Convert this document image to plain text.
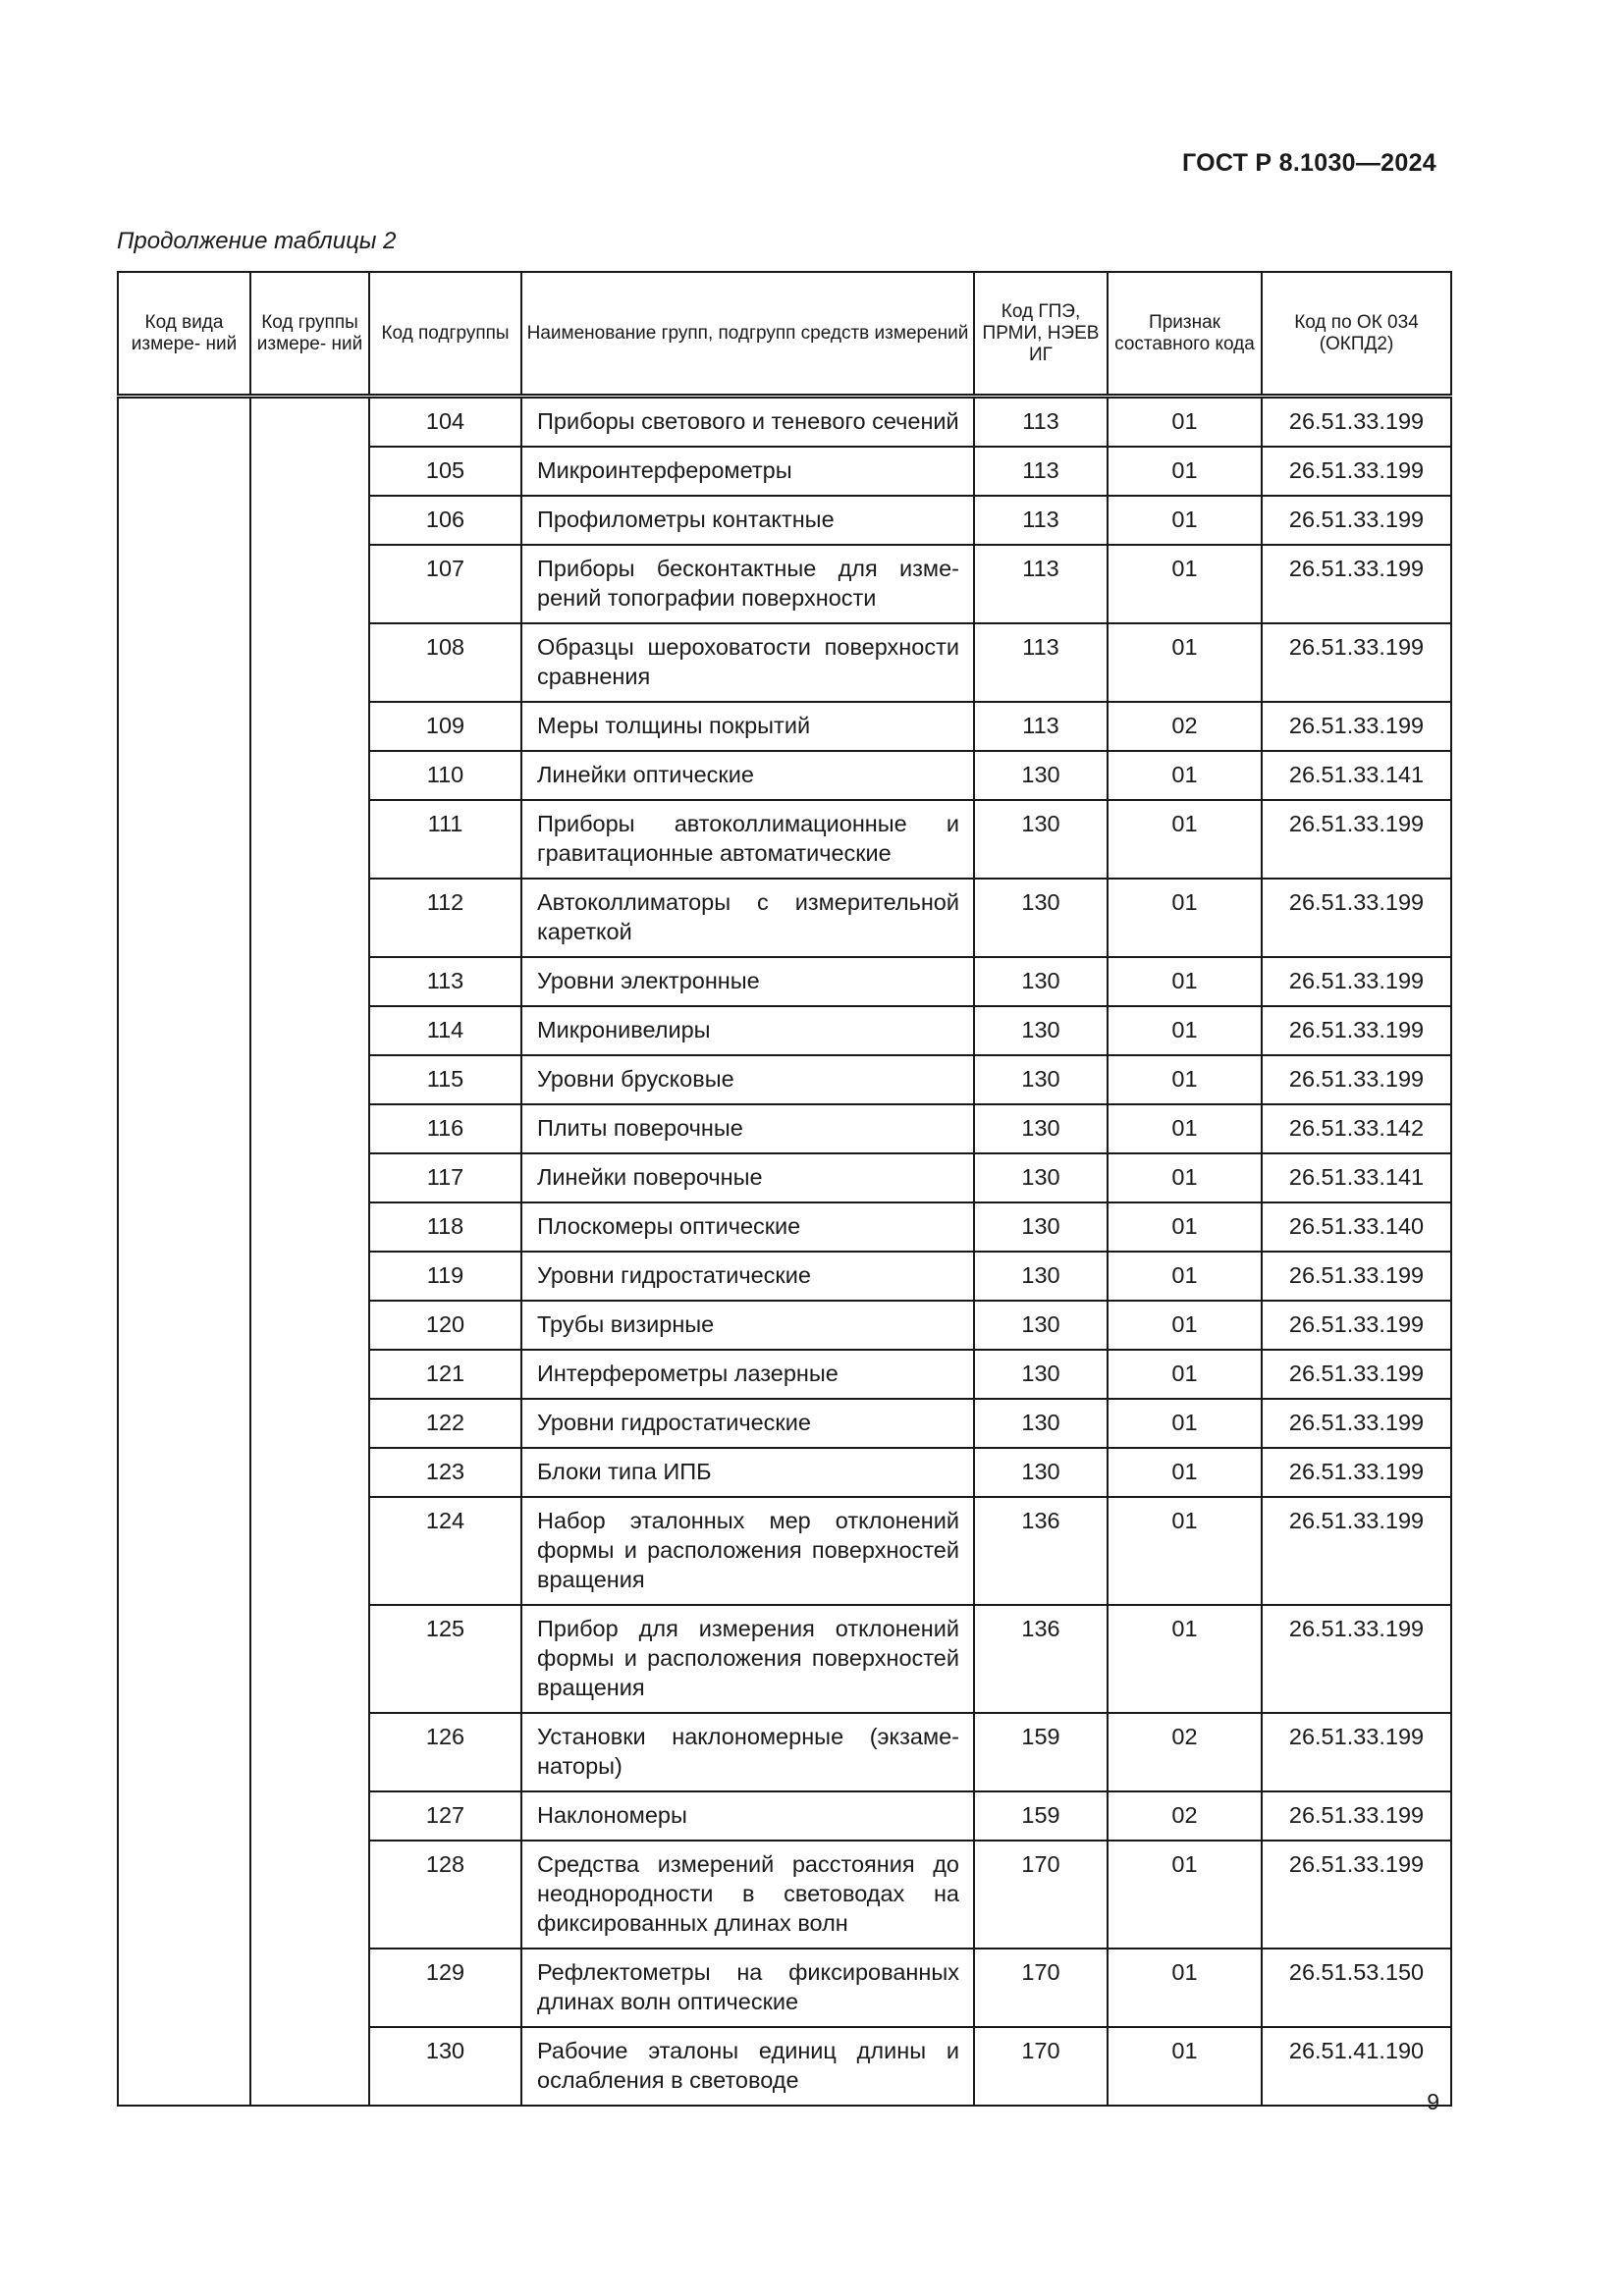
ГОСТ Р 8.1030—2024
Продолжение таблицы 2
Код вида измере- ний	Код группы измере- ний	Код подгруппы	Наименование групп, подгрупп средств измерений	Код ГПЭ, ПРМИ, НЭЕВ ИГ	Признак составного кода	Код по ОК 034 (ОКПД2)
		104	Приборы светового и теневого сечений	113	01	26.51.33.199
		105	Микроинтерферометры	113	01	26.51.33.199
		106	Профилометры контактные	113	01	26.51.33.199
		107	Приборы бесконтактные для измерений топографии поверхности	113	01	26.51.33.199
		108	Образцы шероховатости поверхности сравнения	113	01	26.51.33.199
		109	Меры толщины покрытий	113	02	26.51.33.199
		110	Линейки оптические	130	01	26.51.33.141
		111	Приборы автоколлимационные и гравитационные автоматические	130	01	26.51.33.199
		112	Автоколлиматоры с измерительной кареткой	130	01	26.51.33.199
		113	Уровни электронные	130	01	26.51.33.199
		114	Микронивелиры	130	01	26.51.33.199
		115	Уровни брусковые	130	01	26.51.33.199
		116	Плиты поверочные	130	01	26.51.33.142
		117	Линейки поверочные	130	01	26.51.33.141
		118	Плоскомеры оптические	130	01	26.51.33.140
		119	Уровни гидростатические	130	01	26.51.33.199
		120	Трубы визирные	130	01	26.51.33.199
		121	Интерферометры лазерные	130	01	26.51.33.199
		122	Уровни гидростатические	130	01	26.51.33.199
		123	Блоки типа ИПБ	130	01	26.51.33.199
		124	Набор эталонных мер отклонений формы и расположения поверхностей вращения	136	01	26.51.33.199
		125	Прибор для измерения отклонений формы и расположения поверхностей вращения	136	01	26.51.33.199
		126	Установки наклономерные (экзаменаторы)	159	02	26.51.33.199
		127	Наклономеры	159	02	26.51.33.199
		128	Средства измерений расстояния до неоднородности в световодах на фиксированных длинах волн	170	01	26.51.33.199
		129	Рефлектометры на фиксированных длинах волн оптические	170	01	26.51.53.150
		130	Рабочие эталоны единиц длины и ослабления в световоде	170	01	26.51.41.190
9
